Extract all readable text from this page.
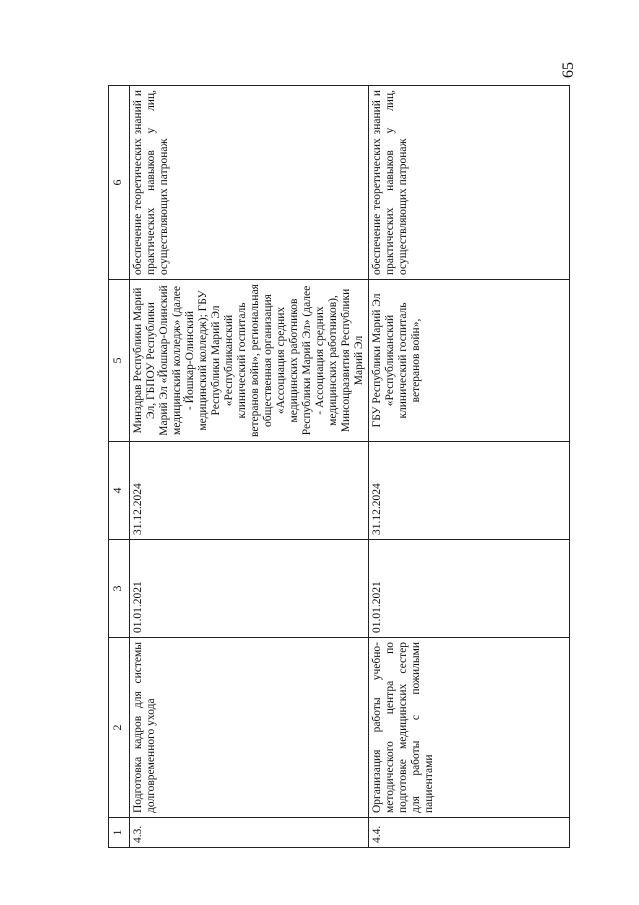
65
1	2	3	4	5	6
4.3.	Подготовка кадров для системы долговременного ухода	01.01.2021	31.12.2024	Минздрав Республики Марий Эл, ГБПОУ Республики Марий Эл «Йошкар-Олинский медицинский колледж» (далее - Йошкар-Олинский медицинский колледж); ГБУ Республики Марий Эл «Республиканский клинический госпиталь ветеранов войн», региональная общественная организация «Ассоциация средних медицинских работников Республики Марий Эл» (далее - Ассоциация средних медицинских работников), Минсоцразвития Республики Марий Эл	обеспечение теоретических знаний и практических навыков у лиц, осуществляющих патронаж
4.4.	Организация работы учебно-методического центра по подготовке медицинских сестер для работы с пожилыми пациентами	01.01.2021	31.12.2024	ГБУ Республики Марий Эл «Республиканский клинический госпиталь ветеранов войн»,	обеспечение теоретических знаний и практических навыков у лиц, осуществляющих патронаж
